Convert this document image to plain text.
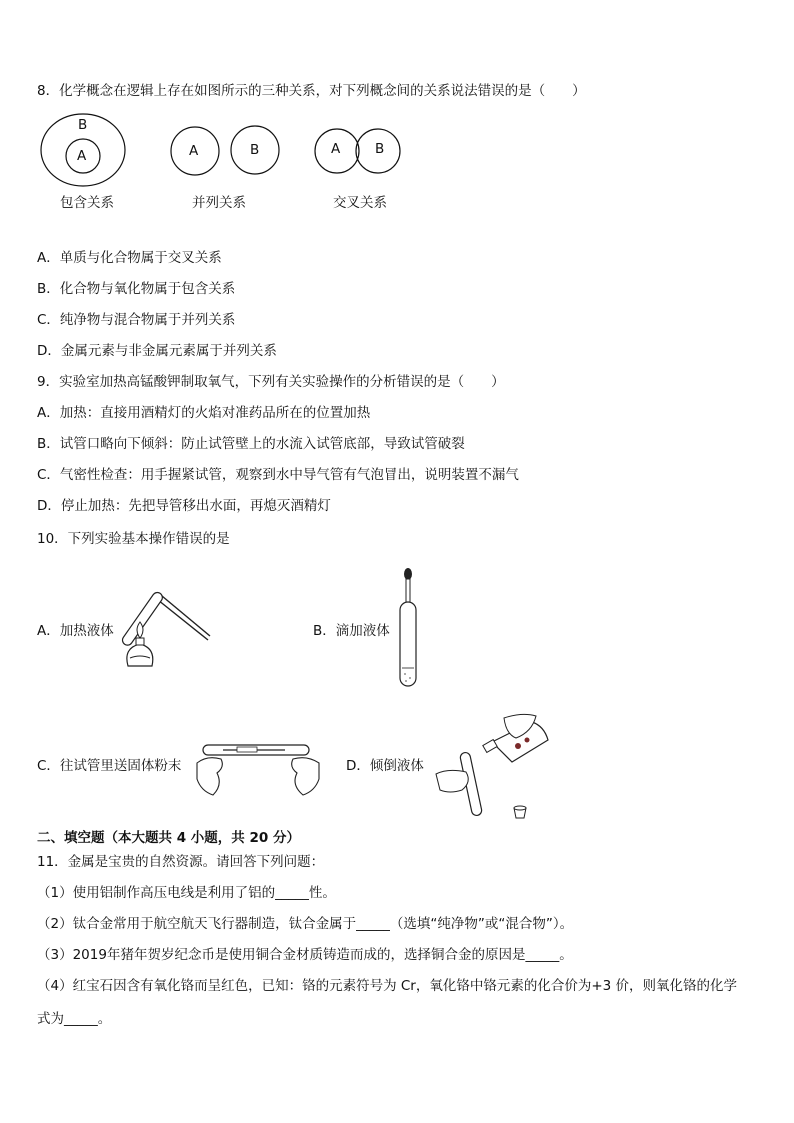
8．化学概念在逻辑上存在如图所示的三种关系，对下列概念间的关系说法错误的是（　　）
B
A	A	B	A	B
包含关系	并列关系	交叉关系
A．单质与化合物属于交叉关系
B．化合物与氧化物属于包含关系
C．纯净物与混合物属于并列关系
D．金属元素与非金属元素属于并列关系
9．实验室加热高锰酸钾制取氧气，下列有关实验操作的分析错误的是（　　）
A．加热：直接用酒精灯的火焰对准药品所在的位置加热
B．试管口略向下倾斜：防止试管壁上的水流入试管底部，导致试管破裂
C．气密性检查：用手握紧试管，观察到水中导气管有气泡冒出，说明装置不漏气
D．停止加热：先把导管移出水面，再熄灭酒精灯
10．下列实验基本操作错误的是
A．加热液体	B．滴加液体
C．往试管里送固体粉末	D．倾倒液体
二、填空题（本大题共 4 小题，共 20 分）
11．金属是宝贵的自然资源。请回答下列问题：
（1）使用铝制作高压电线是利用了铝的_____性。
（2）钛合金常用于航空航天飞行器制造，钛合金属于_____（选填“纯净物”或“混合物”）。
（3）2019年猪年贺岁纪念币是使用铜合金材质铸造而成的，选择铜合金的原因是_____。
（4）红宝石因含有氧化铬而呈红色，已知：铬的元素符号为 Cr，氧化铬中铬元素的化合价为+3 价，则氧化铬的化学
式为_____。
